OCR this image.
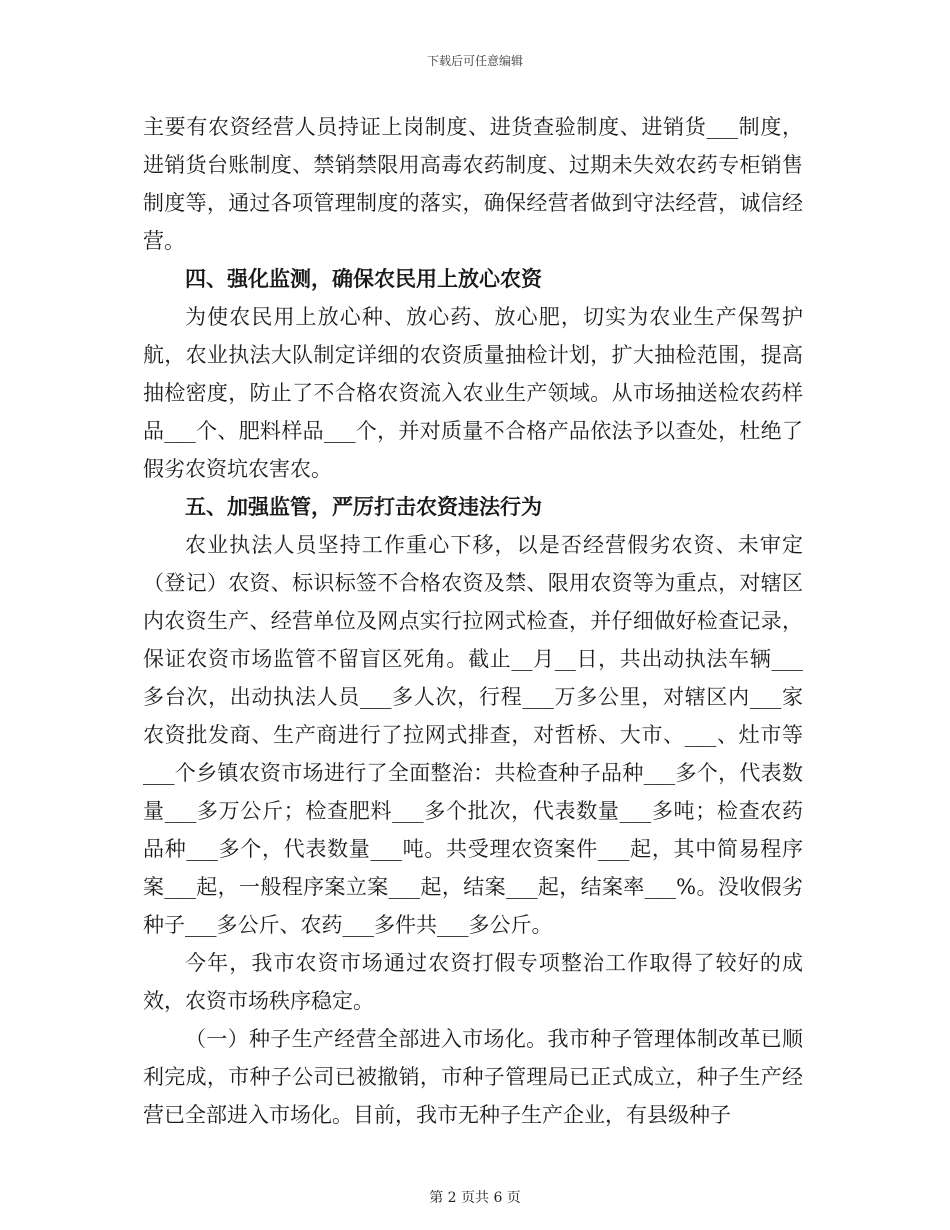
下载后可任意编辑

主要有农资经营人员持证上岗制度、进货查验制度、进销货___制度，进销货台账制度、禁销禁限用高毒农药制度、过期未失效农药专柜销售制度等，通过各项管理制度的落实，确保经营者做到守法经营，诚信经营。

四、强化监测，确保农民用上放心农资

为使农民用上放心种、放心药、放心肥，切实为农业生产保驾护航，农业执法大队制定详细的农资质量抽检计划，扩大抽检范围，提高抽检密度，防止了不合格农资流入农业生产领域。从市场抽送检农药样品___个、肥料样品___个，并对质量不合格产品依法予以查处，杜绝了假劣农资坑农害农。

五、加强监管，严厉打击农资违法行为

农业执法人员坚持工作重心下移，以是否经营假劣农资、未审定（登记）农资、标识标签不合格农资及禁、限用农资等为重点，对辖区内农资生产、经营单位及网点实行拉网式检查，并仔细做好检查记录，保证农资市场监管不留盲区死角。截止__月__日，共出动执法车辆___多台次，出动执法人员___多人次，行程___万多公里，对辖区内___家农资批发商、生产商进行了拉网式排查，对哲桥、大市、___、灶市等___个乡镇农资市场进行了全面整治：共检查种子品种___多个，代表数量___多万公斤；检查肥料___多个批次，代表数量___多吨；检查农药品种___多个，代表数量___吨。共受理农资案件___起，其中简易程序案___起，一般程序案立案___起，结案___起，结案率___%。没收假劣种子___多公斤、农药___多件共___多公斤。

今年，我市农资市场通过农资打假专项整治工作取得了较好的成效，农资市场秩序稳定。

（一）种子生产经营全部进入市场化。我市种子管理体制改革已顺利完成，市种子公司已被撤销，市种子管理局已正式成立，种子生产经营已全部进入市场化。目前，我市无种子生产企业，有县级种子

第 2 页共 6 页
